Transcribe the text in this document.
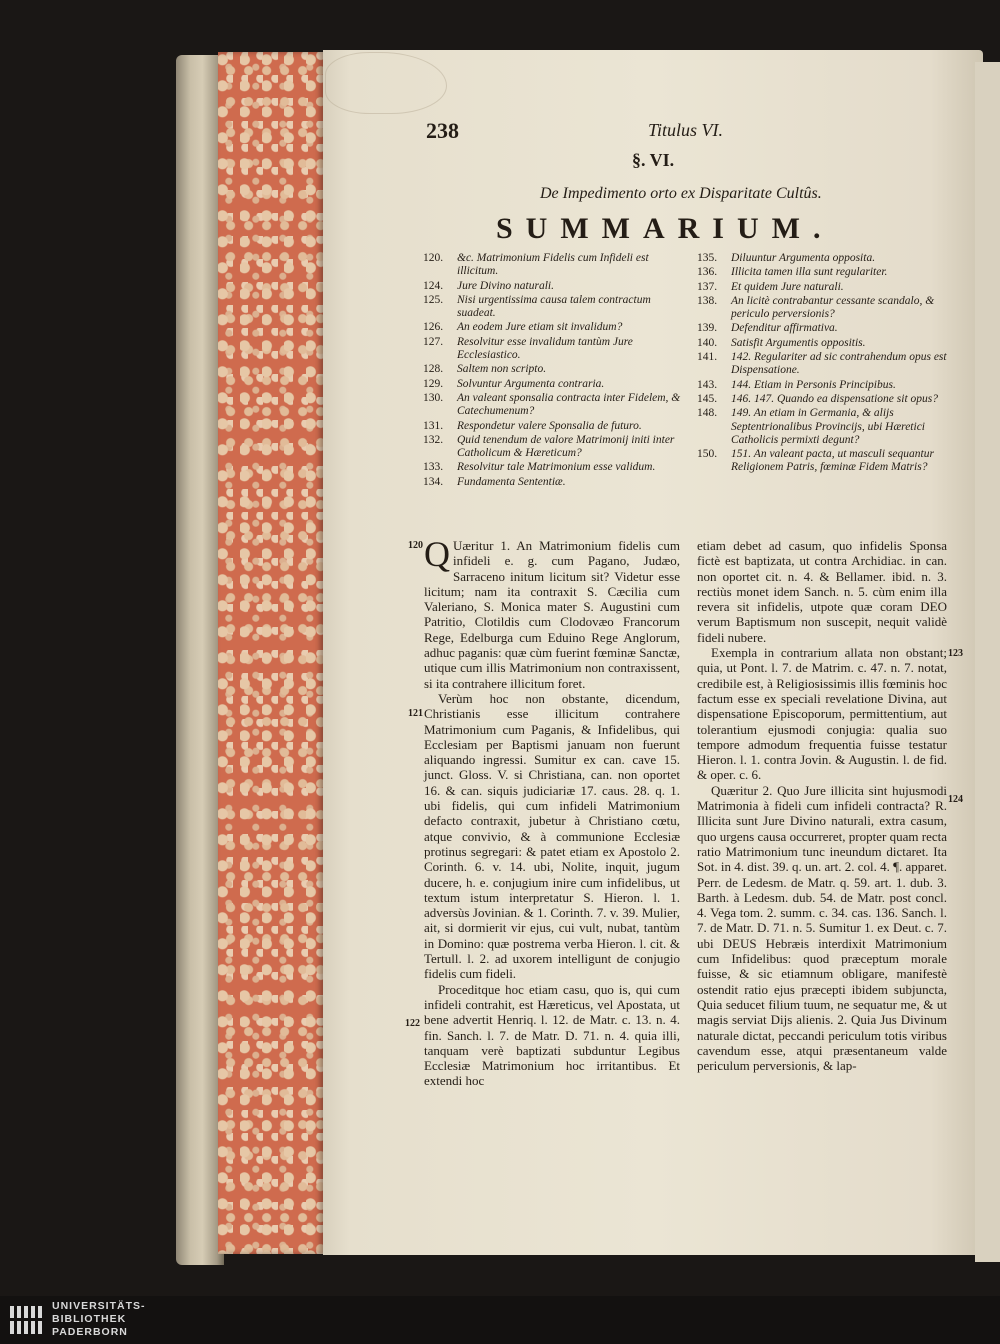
238	Titulus VI.
§. VI.
De Impedimento orto ex Disparitate Cultûs.
SUMMARIUM.
120.	&c. Matrimonium Fidelis cum Infideli est illicitum.
124.	Jure Divino naturali.
125.	Nisi urgentissima causa talem contractum suadeat.
126.	An eodem Jure etiam sit invalidum?
127.	Resolvitur esse invalidum tantùm Jure Ecclesiastico.
128.	Saltem non scripto.
129.	Solvuntur Argumenta contraria.
130.	An valeant sponsalia contracta inter Fidelem, & Catechumenum?
131.	Respondetur valere Sponsalia de futuro.
132.	Quid tenendum de valore Matrimonij initi inter Catholicum & Hæreticum?
133.	Resolvitur tale Matrimonium esse validum.
134.	Fundamenta Sententiæ.
135.	Diluuntur Argumenta opposita.
136.	Illicita tamen illa sunt regulariter.
137.	Et quidem Jure naturali.
138.	An licitè contrabantur cessante scandalo, & periculo perversionis?
139.	Defenditur affirmativa.
140.	Satisfit Argumentis oppositis.
141.	142. Regulariter ad sic contrahendum opus est Dispensatione.
143.	144. Etiam in Personis Principibus.
145.	146. 147. Quando ea dispensatione sit opus?
148.	149. An etiam in Germania, & alijs Septentrionalibus Provincijs, ubi Hæretici Catholicis permixti degunt?
150.	151. An valeant pacta, ut masculi sequantur Religionem Patris, fœminæ Fidem Matris?

Q Uæritur 1. An Matrimonium fidelis cum infideli e. g. cum Pagano, Judæo, Sarraceno initum licitum sit? Videtur esse licitum; nam ita contraxit S. Cæcilia cum Valeriano, S. Monica mater S. Augustini cum Patritio, Clotildis cum Clodovæo Francorum Rege, Edelburga cum Eduino Rege Anglorum, adhuc paganis: quæ cùm fuerint fœminæ Sanctæ, utique cum illis Matrimonium non contraxissent, si ita contrahere illicitum foret.

Verùm hoc non obstante, dicendum, Christianis esse illicitum contrahere Matrimonium cum Paganis, & Infidelibus, qui Ecclesiam per Baptismi januam non fuerunt aliquando ingressi. Sumitur ex can. cave 15. junct. Gloss. V. si Christiana, can. non oportet 16. & can. siquis judiciariæ 17. caus. 28. q. 1. ubi fidelis, qui cum infideli Matrimonium defacto contraxit, jubetur à Christiano cœtu, atque convivio, & à communione Ecclesiæ protinus segregari: & patet etiam ex Apostolo 2. Corinth. 6. v. 14. ubi, Nolite, inquit, jugum ducere, h. e. conjugium inire cum infidelibus, ut textum istum interpretatur S. Hieron. l. 1. adversùs Jovinian. & 1. Corinth. 7. v. 39. Mulier, ait, si dormierit vir ejus, cui vult, nubat, tantùm in Domino: quæ postrema verba Hieron. l. cit. & Tertull. l. 2. ad uxorem intelligunt de conjugio fidelis cum fideli.

Proceditque hoc etiam casu, quo is, qui cum infideli contrahit, est Hæreticus, vel Apostata, ut bene advertit Henriq. l. 12. de Matr. c. 13. n. 4. fin. Sanch. l. 7. de Matr. D. 71. n. 4. quia illi, tanquam verè baptizati subduntur Legibus Ecclesiæ Matrimonium hoc irritantibus. Et extendi hoc

etiam debet ad casum, quo infidelis Sponsa fictè est baptizata, ut contra Archidiac. in can. non oportet cit. n. 4. & Bellamer. ibid. n. 3. rectiùs monet idem Sanch. n. 5. cùm enim illa revera sit infidelis, utpote quæ coram DEO verum Baptismum non suscepit, nequit validè fideli nubere.

Exempla in contrarium allata non obstant; quia, ut Pont. l. 7. de Matrim. c. 47. n. 7. notat, credibile est, à Religiosissimis illis fœminis hoc factum esse ex speciali revelatione Divina, aut dispensatione Episcoporum, permittentium, aut tolerantium ejusmodi conjugia: qualia suo tempore admodum frequentia fuisse testatur Hieron. l. 1. contra Jovin. & Augustin. l. de fid. & oper. c. 6.

Quæritur 2. Quo Jure illicita sint hujusmodi Matrimonia à fideli cum infideli contracta? R. Illicita sunt Jure Divino naturali, extra casum, quo urgens causa occurreret, propter quam recta ratio Matrimonium tunc ineundum dictaret. Ita Sot. in 4. dist. 39. q. un. art. 2. col. 4. ¶. apparet. Perr. de Ledesm. de Matr. q. 59. art. 1. dub. 3. Barth. à Ledesm. dub. 54. de Matr. post concl. 4. Vega tom. 2. summ. c. 34. cas. 136. Sanch. l. 7. de Matr. D. 71. n. 5. Sumitur 1. ex Deut. c. 7. ubi DEUS Hebræis interdixit Matrimonium cum Infidelibus: quod præceptum morale fuisse, & sic etiamnum obligare, manifestè ostendit ratio ejus præcepti ibidem subjuncta, Quia seducet filium tuum, ne sequatur me, & ut magis serviat Dijs alienis. 2. Quia Jus Divinum naturale dictat, peccandi periculum totis viribus cavendum esse, atqui præsentaneum valde periculum perversionis, & lap-

120
121
122
123
124
UNIVERSITÄTS-
BIBLIOTHEK
PADERBORN
